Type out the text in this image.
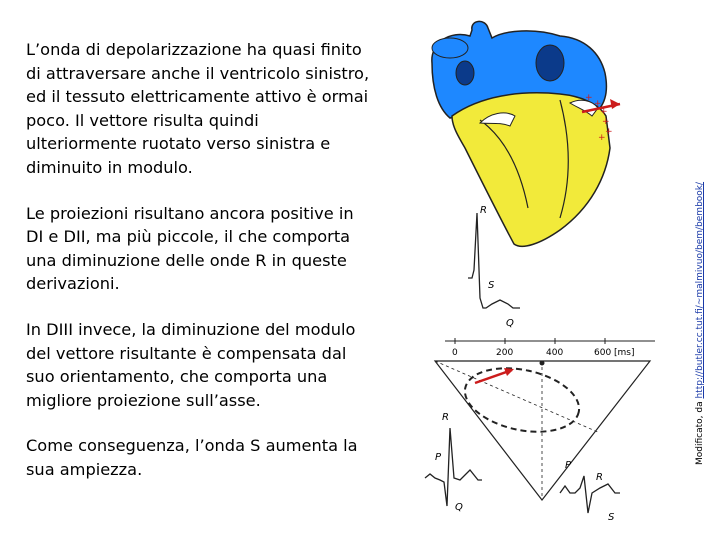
L’onda di depolarizzazione ha quasi finito di attraversare anche il ventricolo sinistro, ed il tessuto elettricamente attivo è ormai poco. Il vettore risulta quindi ulteriormente ruotato verso sinistra e diminuito in modulo.

Le proiezioni risultano ancora positive in DI e DII, ma più piccole, il che comporta una diminuzione delle onde R in queste derivazioni.

In DIII invece, la diminuzione del modulo del vettore risultante è compensata dal suo orientamento, che comporta una migliore proiezione sull’asse.

Come conseguenza, l’onda S aumenta la sua ampiezza.

Modificato, da http://butler.cc.tut.fi/~malmivuo/bem/bembook/
+
+
+
+
+
+
R
S
Q
0	200	400	600 [ms]
R
P
Q
R
P
S
